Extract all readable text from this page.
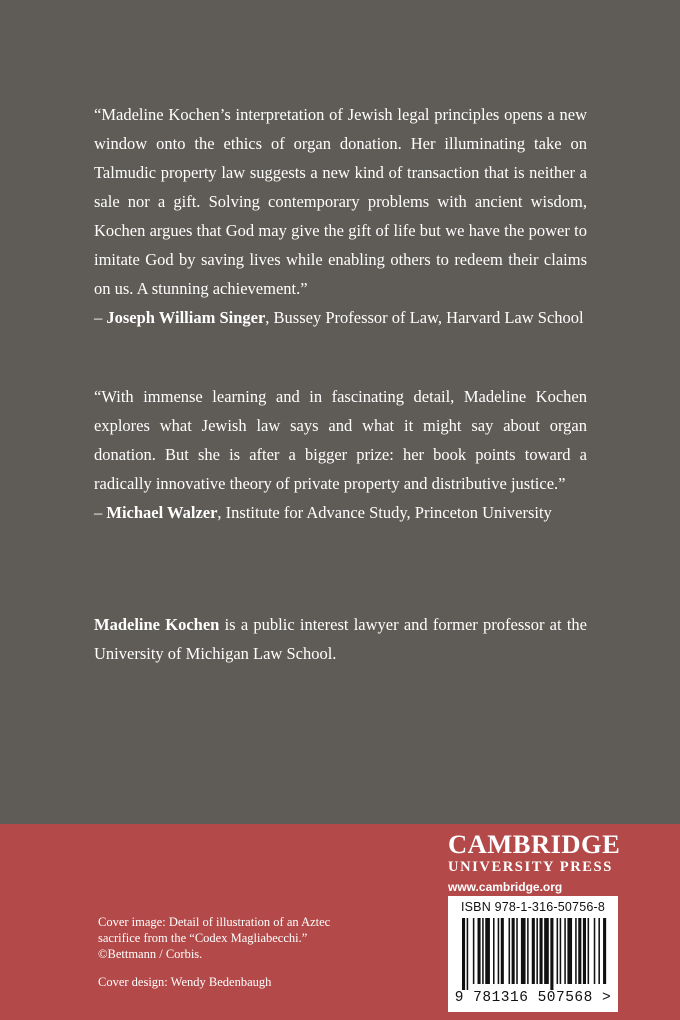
“Madeline Kochen’s interpretation of Jewish legal principles opens a new window onto the ethics of organ donation. Her illuminating take on Talmudic property law suggests a new kind of transaction that is neither a sale nor a gift. Solving contemporary problems with ancient wisdom, Kochen argues that God may give the gift of life but we have the power to imitate God by saving lives while enabling others to redeem their claims on us. A stunning achievement.”
– Joseph William Singer, Bussey Professor of Law, Harvard Law School
“With immense learning and in fascinating detail, Madeline Kochen explores what Jewish law says and what it might say about organ donation. But she is after a bigger prize: her book points toward a radically innovative theory of private property and distributive justice.”
– Michael Walzer, Institute for Advance Study, Princeton University
Madeline Kochen is a public interest lawyer and former professor at the University of Michigan Law School.
CAMBRIDGE
UNIVERSITY PRESS
www.cambridge.org
ISBN 978-1-316-50756-8
9 781316 507568 >
Cover image: Detail of illustration of an Aztec
sacrifice from the “Codex Magliabecchi.”
©Bettmann / Corbis.
Cover design: Wendy Bedenbaugh
